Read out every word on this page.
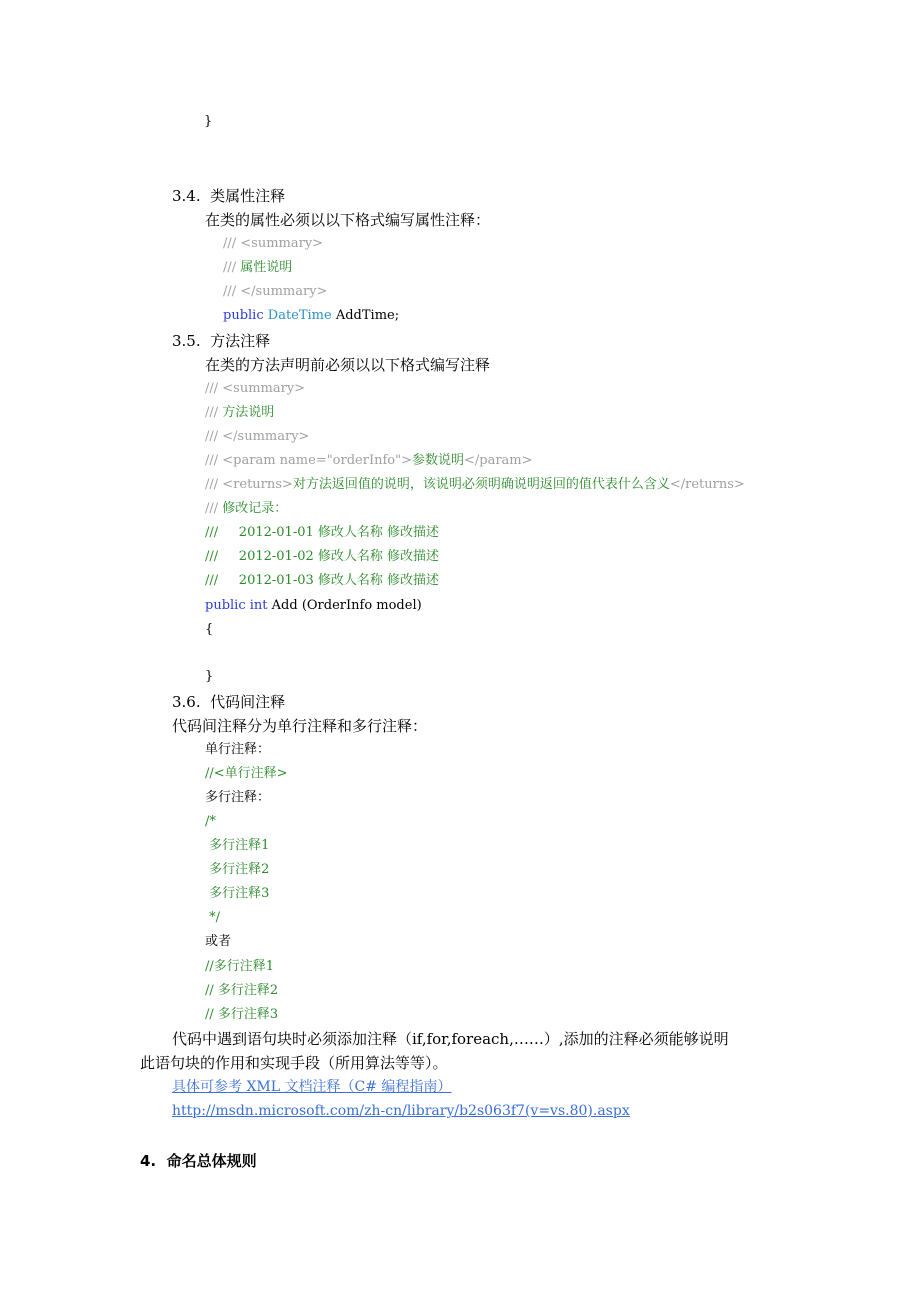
}
3.4.  类属性注释
在类的属性必须以以下格式编写属性注释：
/// <summary>
/// 属性说明
/// </summary>
public DateTime AddTime;
3.5.  方法注释
在类的方法声明前必须以以下格式编写注释
/// <summary>
/// 方法说明
/// </summary>
/// <param name="orderInfo">参数说明</param>
/// <returns>对方法返回值的说明，该说明必须明确说明返回的值代表什么含义</returns>
/// 修改记录：
///     2012-01-01 修改人名称 修改描述
///     2012-01-02 修改人名称 修改描述
///     2012-01-03 修改人名称 修改描述
public int Add (OrderInfo model)
{
}
3.6.  代码间注释
代码间注释分为单行注释和多行注释：
单行注释：
//<单行注释>
多行注释：
/*
多行注释1
多行注释2
多行注释3
*/
或者
//多行注释1
// 多行注释2
// 多行注释3
代码中遇到语句块时必须添加注释（if,for,foreach,……）,添加的注释必须能够说明
此语句块的作用和实现手段（所用算法等等）。
具体可参考 XML 文档注释（C# 编程指南）
http://msdn.microsoft.com/zh-cn/library/b2s063f7(v=vs.80).aspx
4.  命名总体规则
